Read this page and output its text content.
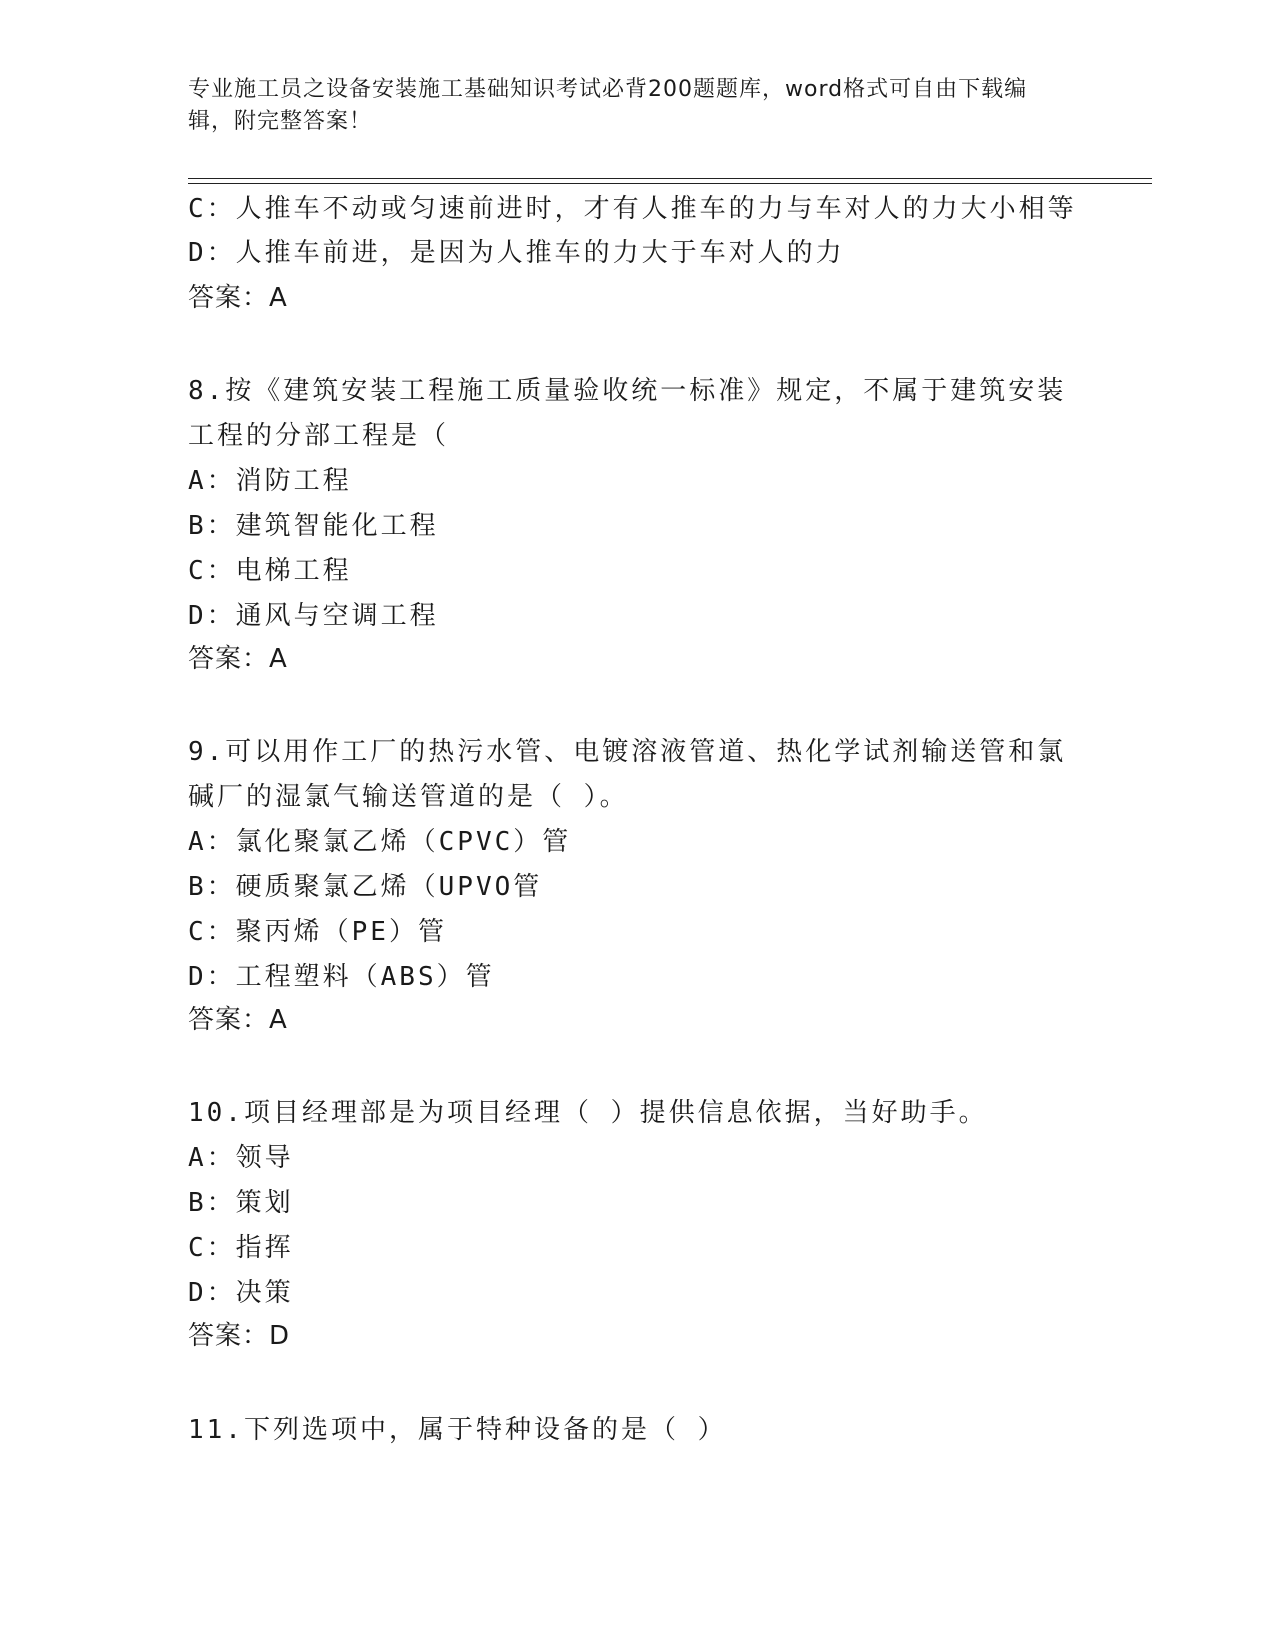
专业施工员之设备安装施工基础知识考试必背200题题库，word格式可自由下载编辑，附完整答案！
C：人推车不动或匀速前进时，才有人推车的力与车对人的力大小相等
D：人推车前进，是因为人推车的力大于车对人的力
答案：A
8.按《建筑安装工程施工质量验收统一标准》规定，不属于建筑安装
工程的分部工程是（
A：消防工程
B：建筑智能化工程
C：电梯工程
D：通风与空调工程
答案：A
9.可以用作工厂的热污水管、电镀溶液管道、热化学试剂输送管和氯
碱厂的湿氯气输送管道的是（ ）。
A：氯化聚氯乙烯（CPVC）管
B：硬质聚氯乙烯（UPVO管
C：聚丙烯（PE）管
D：工程塑料（ABS）管
答案：A
10.项目经理部是为项目经理（ ）提供信息依据，当好助手。
A：领导
B：策划
C：指挥
D：决策
答案：D
11.下列选项中，属于特种设备的是（ ）
